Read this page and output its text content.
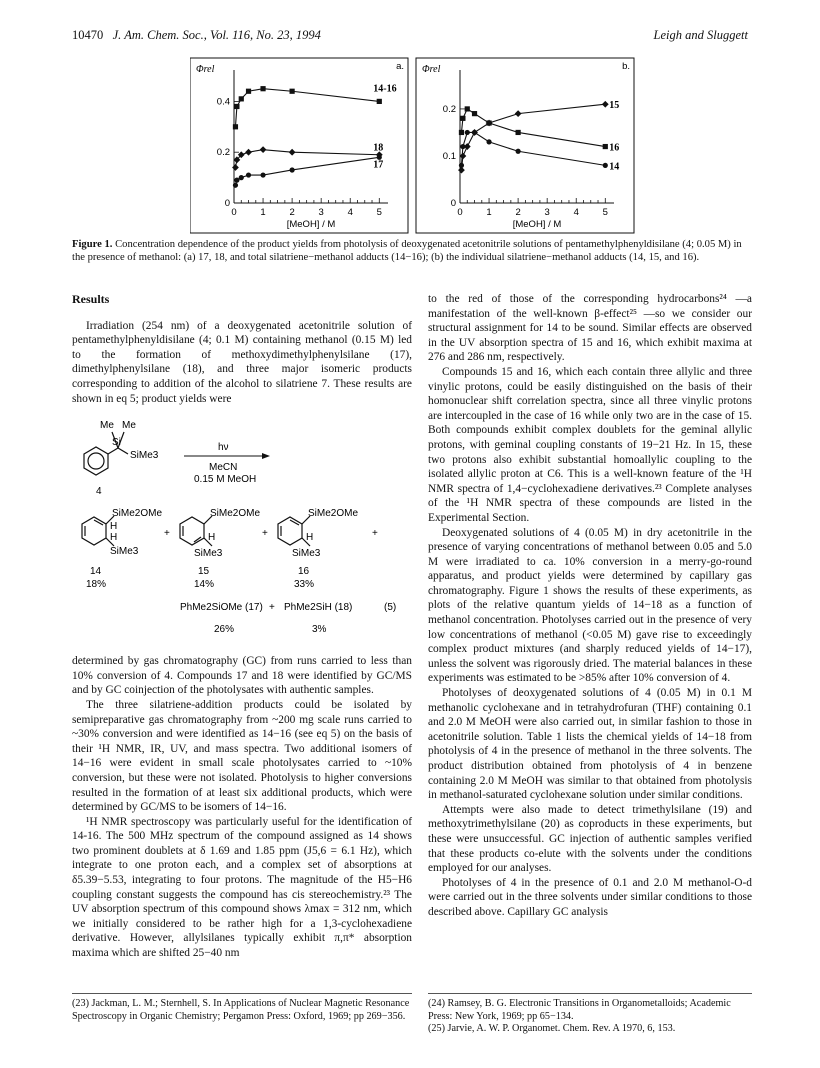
10470 J. Am. Chem. Soc., Vol. 116, No. 23, 1994	Leigh and Sluggett
0	1	2	3	4	5
0
0.2
0.4
[MeOH] / M
Φrel	a.
14-16
18
17
0	1	2	3	4	5
0
0.1
0.2
[MeOH] / M
Φrel	b.
15
16
14
Figure 1. Concentration dependence of the product yields from photolysis of deoxygenated acetonitrile solutions of pentamethylphenyldisilane (4; 0.05 M) in the presence of methanol: (a) 17, 18, and total silatriene−methanol adducts (14−16); (b) the individual silatriene−methanol adducts (14, 15, and 16).
Results

Irradiation (254 nm) of a deoxygenated acetonitrile solution of pentamethylphenyldisilane (4; 0.1 M) containing methanol (0.15 M) led to the formation of methoxydimethylphenylsilane (17), dimethylphenylsilane (18), and three major isomeric products corresponding to addition of the alcohol to silatriene 7. These results are shown in eq 5; product yields were

Me Me
Si
SiMe3
4
hν
MeCN
0.15 M MeOH
SiMe2OMe
H
H
SiMe3
+
SiMe2OMe
H
SiMe3
+
SiMe2OMe
H
SiMe3
+
14
18%
15
14%
16
33%
PhMe2SiOMe (17) + PhMe2SiH (18)	(5)
26%	3%

determined by gas chromatography (GC) from runs carried to less than 10% conversion of 4. Compounds 17 and 18 were identified by GC/MS and by GC coinjection of the photolysates with authentic samples.

The three silatriene-addition products could be isolated by semipreparative gas chromatography from ~200 mg scale runs carried to ~30% conversion and were identified as 14−16 (see eq 5) on the basis of their ¹H NMR, IR, UV, and mass spectra. Two additional isomers of 14−16 were evident in small scale photolysates carried to ~10% conversion, but these were not isolated. Photolysis to higher conversions resulted in the formation of at least six additional products, which were determined by GC/MS to be isomers of 14−16.

¹H NMR spectroscopy was particularly useful for the identification of 14-16. The 500 MHz spectrum of the compound assigned as 14 shows two prominent doublets at δ 1.69 and 1.85 ppm (J5,6 = 6.1 Hz), which integrate to one proton each, and a complex set of absorptions at δ5.39−5.53, integrating to four protons. The magnitude of the H5−H6 coupling constant suggests the compound has cis stereochemistry.²³ The UV absorption spectrum of this compound shows λmax = 312 nm, which we initially considered to be rather high for a 1,3-cyclohexadiene derivative. However, allylsilanes typically exhibit π,π* absorption maxima which are shifted 25−40 nm

to the red of those of the corresponding hydrocarbons²⁴ —a manifestation of the well-known β-effect²⁵ —so we consider our structural assignment for 14 to be sound. Similar effects are observed in the UV absorption spectra of 15 and 16, which exhibit maxima at 276 and 286 nm, respectively.

Compounds 15 and 16, which each contain three allylic and three vinylic protons, could be easily distinguished on the basis of their homonuclear shift correlation spectra, since all three vinylic protons are intercoupled in the case of 16 while only two are in the case of 15. Both compounds exhibit complex doublets for the geminal allylic protons, with geminal coupling constants of 19−21 Hz. In 15, these two protons also exhibit substantial homoallylic coupling to the isolated allylic proton at C6. This is a well-known feature of the ¹H NMR spectra of 1,4−cyclohexadiene derivatives.²³ Complete analyses of the ¹H NMR spectra of these compounds are listed in the Experimental Section.

Deoxygenated solutions of 4 (0.05 M) in dry acetonitrile in the presence of varying concentrations of methanol between 0.05 and 5.0 M were irradiated to ca. 10% conversion in a merry-go-round apparatus, and product yields were determined by capillary gas chromatography. Figure 1 shows the results of these experiments, as plots of the relative quantum yields of 14−18 as a function of methanol concentration. Photolyses carried out in the presence of very low concentrations of methanol (<0.05 M) gave rise to exceedingly complex product mixtures (and sharply reduced yields of 14−17), unless the solvent was rigorously dried. The material balances in these experiments was estimated to be >85% after 10% conversion of 4.

Photolyses of deoxygenated solutions of 4 (0.05 M) in 0.1 M methanolic cyclohexane and in tetrahydrofuran (THF) containing 0.1 and 2.0 M MeOH were also carried out, in similar fashion to those in acetonitrile solution. Table 1 lists the chemical yields of 14−18 from photolysis of 4 in the presence of methanol in the three solvents. The product distribution obtained from photolysis of 4 in benzene containing 2.0 M MeOH was similar to that obtained from photolysis in methanol-saturated cyclohexane solution under similar conditions.

Attempts were also made to detect trimethylsilane (19) and methoxytrimethylsilane (20) as coproducts in these experiments, but these were unsuccessful. GC injection of authentic samples verified that these products co-elute with the solvents under the conditions employed for our analyses.

Photolyses of 4 in the presence of 0.1 and 2.0 M methanol-O-d were carried out in the three solvents under similar conditions to those described above. Capillary GC analysis

(23) Jackman, L. M.; Sternhell, S. In Applications of Nuclear Magnetic Resonance Spectroscopy in Organic Chemistry; Pergamon Press: Oxford, 1969; pp 269−356.
(24) Ramsey, B. G. Electronic Transitions in Organometalloids; Academic Press: New York, 1969; pp 65−134.
(25) Jarvie, A. W. P. Organomet. Chem. Rev. A 1970, 6, 153.
